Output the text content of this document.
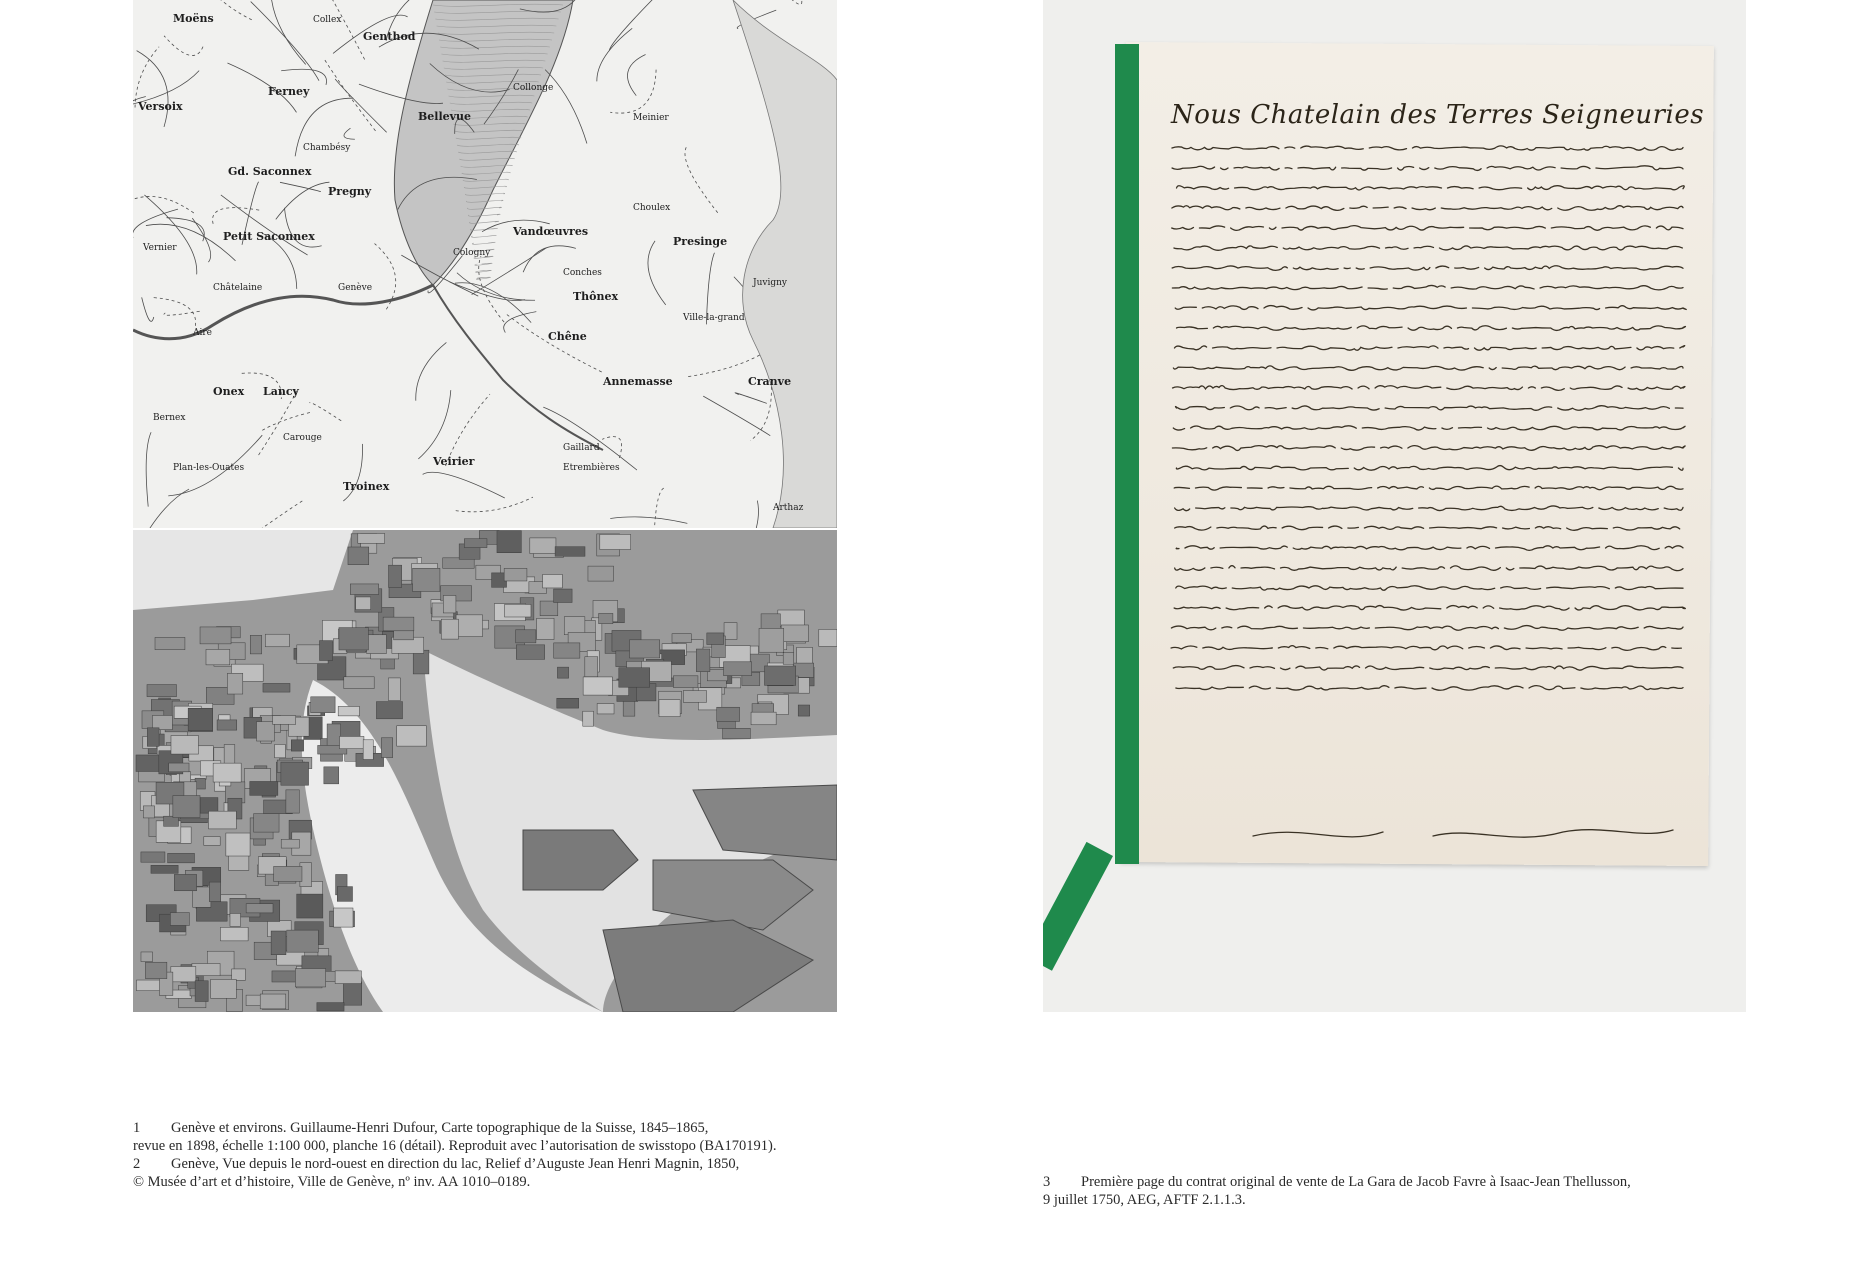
Moëns	Collex
Genthod
Versoix
Bellevue
Ferney
Chambésy
Collonge
Meinier
Cologny
Pregny
Gd. Saconnex
Petit Saconnex
Vernier
Vandœuvres
Choulex
Presinge
Châtelaine	Genève
Chêne
Ville-la-grand
Lancy
Carouge
Onex
Veirier
Troinex
Gaillard
Etrembières
Cranve
Annemasse
Arthaz
Aire
Plan-les-Ouates
Bernex
Juvigny
Thônex
Conches
Nous Chatelain des Terres Seigneuries

1 Genève et environs. Guillaume-Henri Dufour, Carte topographique de la Suisse, 1845–1865,
revue en 1898, échelle 1:100 000, planche 16 (détail). Reproduit avec l’autorisation de swisstopo (BA170191).

2 Genève, Vue depuis le nord-ouest en direction du lac, Relief d’Auguste Jean Henri Magnin, 1850,
© Musée d’art et d’histoire, Ville de Genève, nº inv. AA 1010–0189.	3 Première page du contrat original de vente de La Gara de Jacob Favre à Isaac-Jean Thellusson,
9 juillet 1750, AEG, AFTF 2.1.1.3.
